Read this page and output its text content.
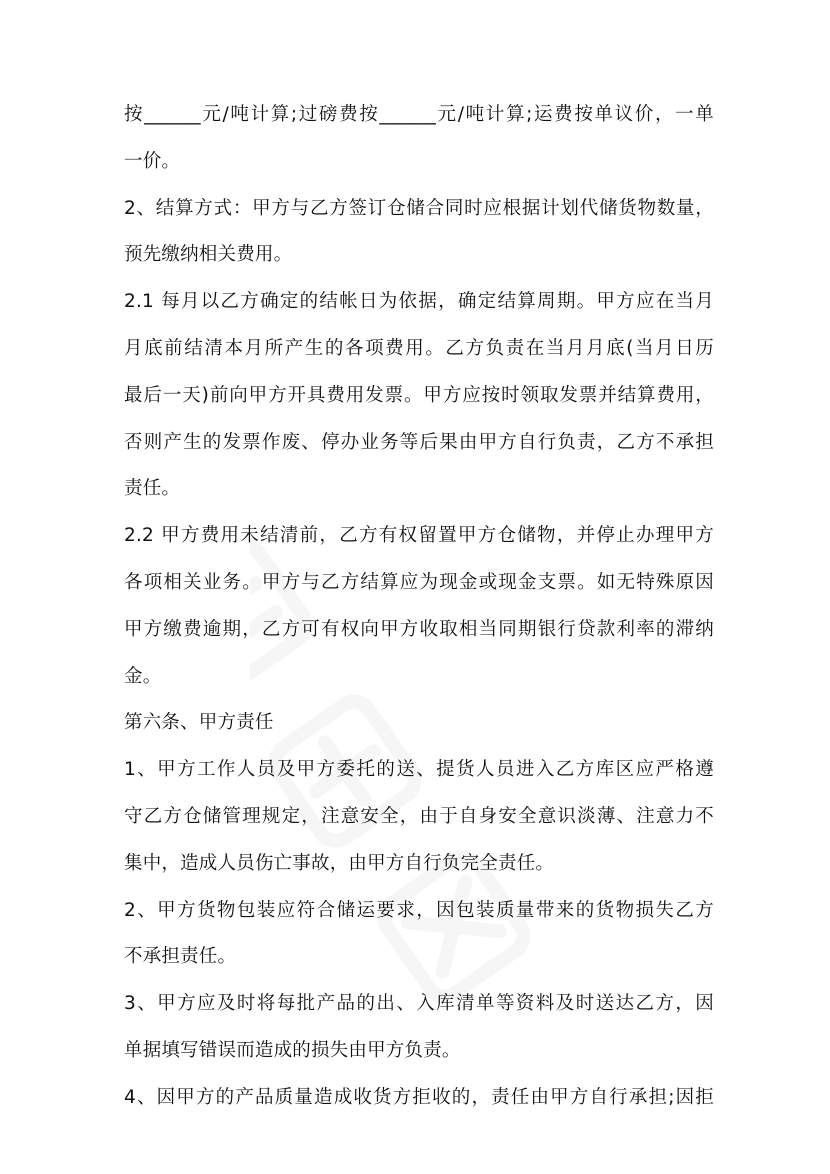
按______元/吨计算;过磅费按______元/吨计算;运费按单议价，一单
一价。
2、结算方式：甲方与乙方签订仓储合同时应根据计划代储货物数量，
预先缴纳相关费用。
2.1 每月以乙方确定的结帐日为依据，确定结算周期。甲方应在当月
月底前结清本月所产生的各项费用。乙方负责在当月月底(当月日历
最后一天)前向甲方开具费用发票。甲方应按时领取发票并结算费用，
否则产生的发票作废、停办业务等后果由甲方自行负责，乙方不承担
责任。
2.2 甲方费用未结清前，乙方有权留置甲方仓储物，并停止办理甲方
各项相关业务。甲方与乙方结算应为现金或现金支票。如无特殊原因
甲方缴费逾期，乙方可有权向甲方收取相当同期银行贷款利率的滞纳
金。
第六条、甲方责任
1、甲方工作人员及甲方委托的送、提货人员进入乙方库区应严格遵
守乙方仓储管理规定，注意安全，由于自身安全意识淡薄、注意力不
集中，造成人员伤亡事故，由甲方自行负完全责任。
2、甲方货物包装应符合储运要求，因包装质量带来的货物损失乙方
不承担责任。
3、甲方应及时将每批产品的出、入库清单等资料及时送达乙方，因
单据填写错误而造成的损失由甲方负责。
4、因甲方的产品质量造成收货方拒收的，责任由甲方自行承担;因拒
